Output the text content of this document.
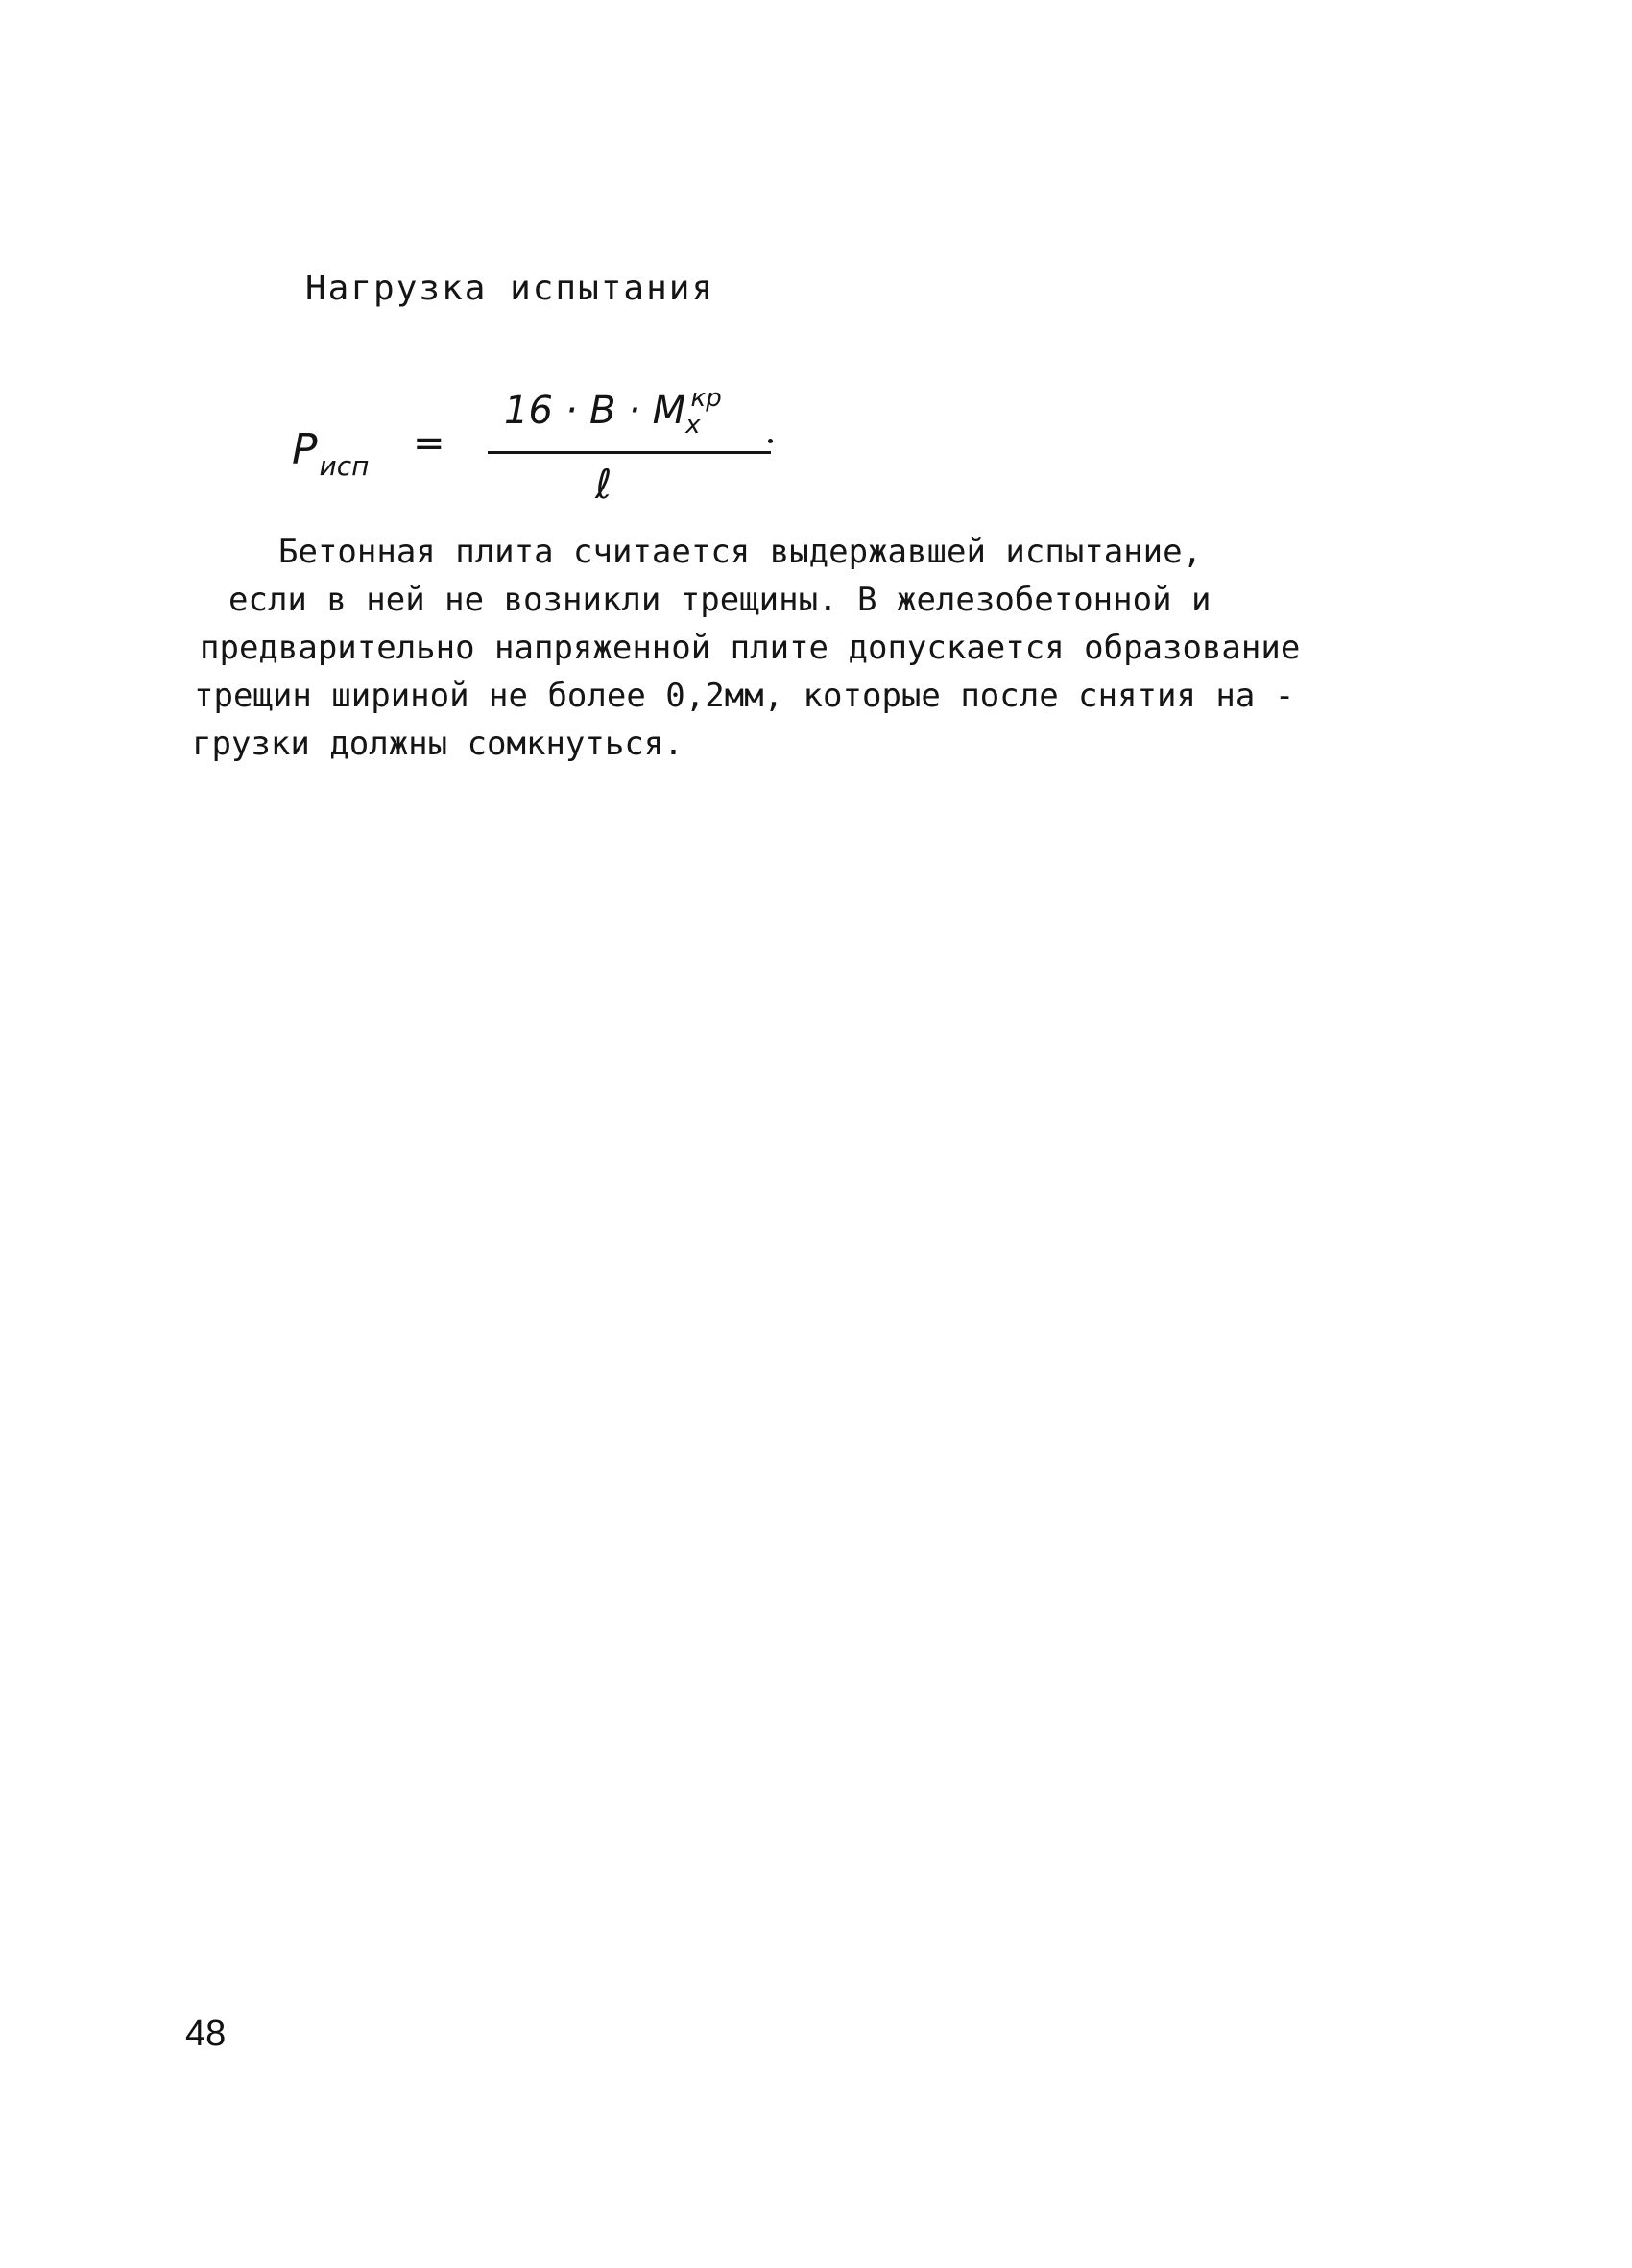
Нагрузка испытания
$P_{исп}$
=
$16 \cdot B \cdot M_x^{кр}$
ℓ
Бетонная плита считается выдержавшей испытание,
если в ней не возникли трещины. В железобетонной и
предварительно напряженной плите допускается образование
трещин шириной не более 0,2мм, которые после снятия на -
грузки должны сомкнуться.
48
